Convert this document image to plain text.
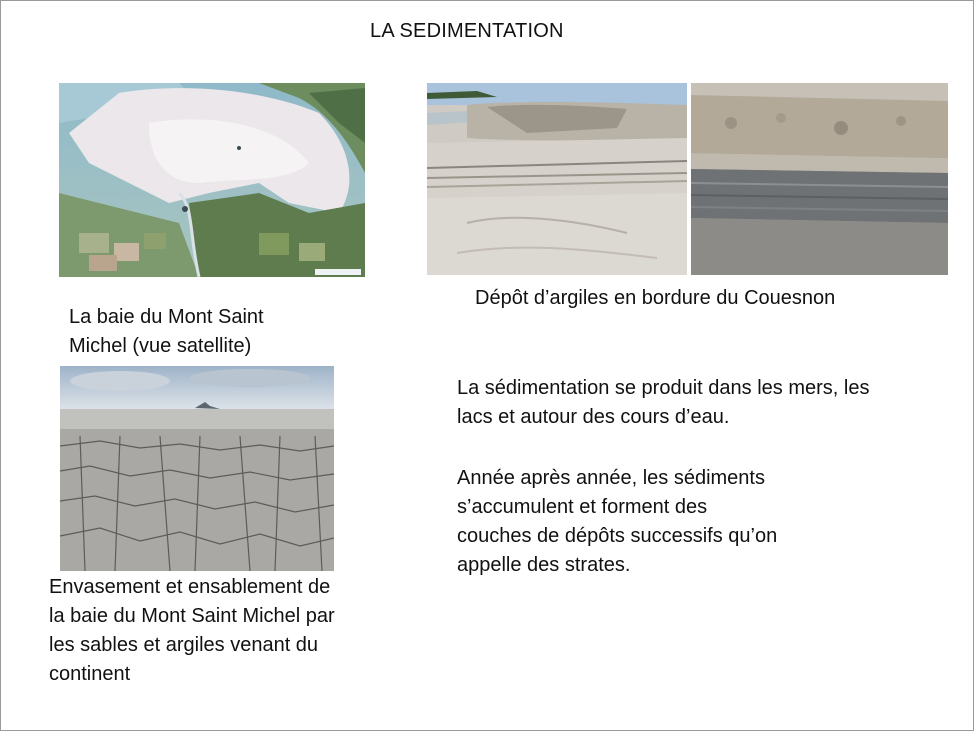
LA SEDIMENTATION
Dépôt d’argiles en bordure du Couesnon
La baie du Mont Saint
Michel (vue satellite)
Envasement et ensablement de
la baie du Mont Saint Michel par
les sables et argiles venant du
continent
La sédimentation se produit dans les mers, les
lacs et autour des cours d’eau.
Année après année, les sédiments
s’accumulent et forment des
couches de dépôts successifs qu’on
appelle des strates.
